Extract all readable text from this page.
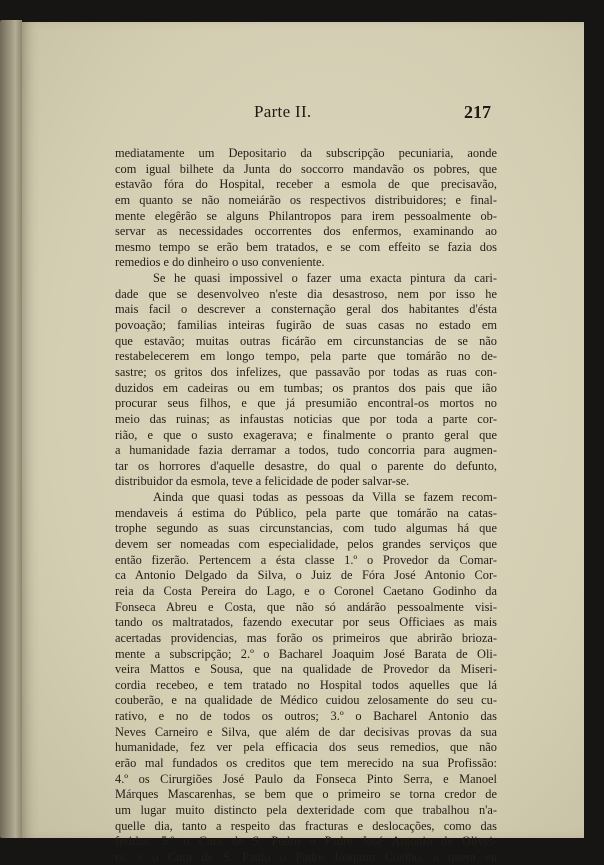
Parte II.	217
mediatamente um Depositario da subscripção pecuniaria, aonde
com igual bilhete da Junta do soccorro mandavão os pobres, que
estavão fóra do Hospital, receber a esmola de que precisavão,
em quanto se não nomeiárão os respectivos distribuidores; e final-
mente elegêrão se alguns Philantropos para irem pessoalmente ob-
servar as necessidades occorrentes dos enfermos, examinando ao
mesmo tempo se erão bem tratados, e se com effeito se fazia dos
remedios e do dinheiro o uso conveniente.
Se he quasi impossivel o fazer uma exacta pintura da cari-
dade que se desenvolveo n'este dia desastroso, nem por isso he
mais facil o descrever a consternação geral dos habitantes d'ésta
povoação; familias inteiras fugirão de suas casas no estado em
que estavão; muitas outras ficárão em circunstancias de se não
restabelecerem em longo tempo, pela parte que tomárão no de-
sastre; os gritos dos infelizes, que passavão por todas as ruas con-
duzidos em cadeiras ou em tumbas; os prantos dos pais que ião
procurar seus filhos, e que já presumião encontral-os mortos no
meio das ruinas; as infaustas noticias que por toda a parte cor-
rião, e que o susto exagerava; e finalmente o pranto geral que
a humanidade fazia derramar a todos, tudo concorria para augmen-
tar os horrores d'aquelle desastre, do qual o parente do defunto,
distribuidor da esmola, teve a felicidade de poder salvar-se.
Ainda que quasi todas as pessoas da Villa se fazem recom-
mendaveis á estima do Público, pela parte que tomárão na catas-
trophe segundo as suas circunstancias, com tudo algumas há que
devem ser nomeadas com especialidade, pelos grandes serviços que
então fizerão. Pertencem a ésta classe 1.º o Provedor da Comar-
ca Antonio Delgado da Silva, o Juiz de Fóra José Antonio Cor-
reia da Costa Pereira do Lago, e o Coronel Caetano Godinho da
Fonseca Abreu e Costa, que não só andárão pessoalmente visi-
tando os maltratados, fazendo executar por seus Officiaes as mais
acertadas providencias, mas forão os primeiros que abrirão brioza-
mente a subscripção; 2.º o Bacharel Joaquim José Barata de Oli-
veira Mattos e Sousa, que na qualidade de Provedor da Miseri-
cordia recebeo, e tem tratado no Hospital todos aquelles que lá
couberão, e na qualidade de Médico cuidou zelosamente do seu cu-
rativo, e no de todos os outros; 3.º o Bacharel Antonio das
Neves Carneiro e Silva, que além de dar decisivas provas da sua
humanidade, fez ver pela efficacia dos seus remedios, que não
erão mal fundados os creditos que tem merecido na sua Profissão:
4.º os Cirurgiões José Paulo da Fonseca Pinto Serra, e Manoel
Márques Mascarenhas, se bem que o primeiro se torna credor de
um lugar muito distincto pela dexteridade com que trabalhou n'a-
quelle dia, tanto a respeito das fracturas e deslocações, como das
feridas: 5.º o Cura de S. Pedro o Padre José Antonio de Olivei-
ra, e o Cura de S. Paulo o Padre Joaquim Coelho, a quem eu
